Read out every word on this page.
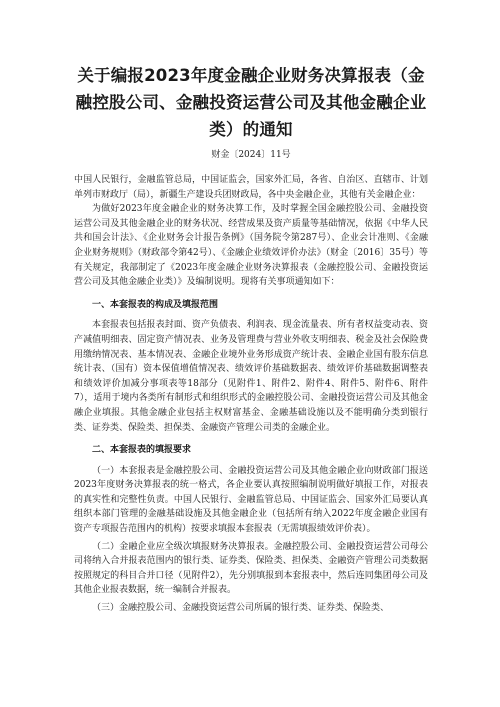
关于编报2023年度金融企业财务决算报表（金融控股公司、金融投资运营公司及其他金融企业类）的通知
财金〔2024〕11号

中国人民银行，金融监管总局，中国证监会，国家外汇局，各省、自治区、直辖市、计划单列市财政厅（局），新疆生产建设兵团财政局，各中央金融企业，其他有关金融企业：

为做好2023年度金融企业的财务决算工作，及时掌握全国金融控股公司、金融投资运营公司及其他金融企业的财务状况、经营成果及资产质量等基础情况，依据《中华人民共和国会计法》、《企业财务会计报告条例》（国务院令第287号）、企业会计准则、《金融企业财务规则》（财政部令第42号）、《金融企业绩效评价办法》（财金〔2016〕35号）等有关规定，我部制定了《2023年度金融企业财务决算报表（金融控股公司、金融投资运营公司及其他金融企业类）》及编制说明。现将有关事项通知如下：

一、本套报表的构成及填报范围

本套报表包括报表封面、资产负债表、利润表、现金流量表、所有者权益变动表、资产减值明细表、固定资产情况表、业务及管理费与营业外收支明细表、税金及社会保险费用缴纳情况表、基本情况表、金融企业境外业务形成资产统计表、金融企业国有股东信息统计表、（国有）资本保值增值情况表、绩效评价基础数据表、绩效评价基础数据调整表和绩效评价加减分事项表等18部分（见附件1、附件2、附件4、附件5、附件6、附件7），适用于境内各类所有制形式和组织形式的金融控股公司、金融投资运营公司及其他金融企业填报。其他金融企业包括主权财富基金、金融基础设施以及不能明确分类到银行类、证券类、保险类、担保类、金融资产管理公司类的金融企业。

二、本套报表的填报要求

（一）本套报表是金融控股公司、金融投资运营公司及其他金融企业向财政部门报送2023年度财务决算报表的统一格式，各企业要认真按照编制说明做好填报工作，对报表的真实性和完整性负责。中国人民银行、金融监管总局、中国证监会、国家外汇局要认真组织本部门管理的金融基础设施及其他金融企业（包括所有纳入2022年度金融企业国有资产专项报告范围内的机构）按要求填报本套报表（无需填报绩效评价表）。

（二）金融企业应全级次填报财务决算报表。金融控股公司、金融投资运营公司母公司将纳入合并报表范围内的银行类、证券类、保险类、担保类、金融资产管理公司类数据按照规定的科目合并口径（见附件2），先分别填报到本套报表中，然后连同集团母公司及其他企业报表数据，统一编制合并报表。

（三）金融控股公司、金融投资运营公司所属的银行类、证券类、保险类、
